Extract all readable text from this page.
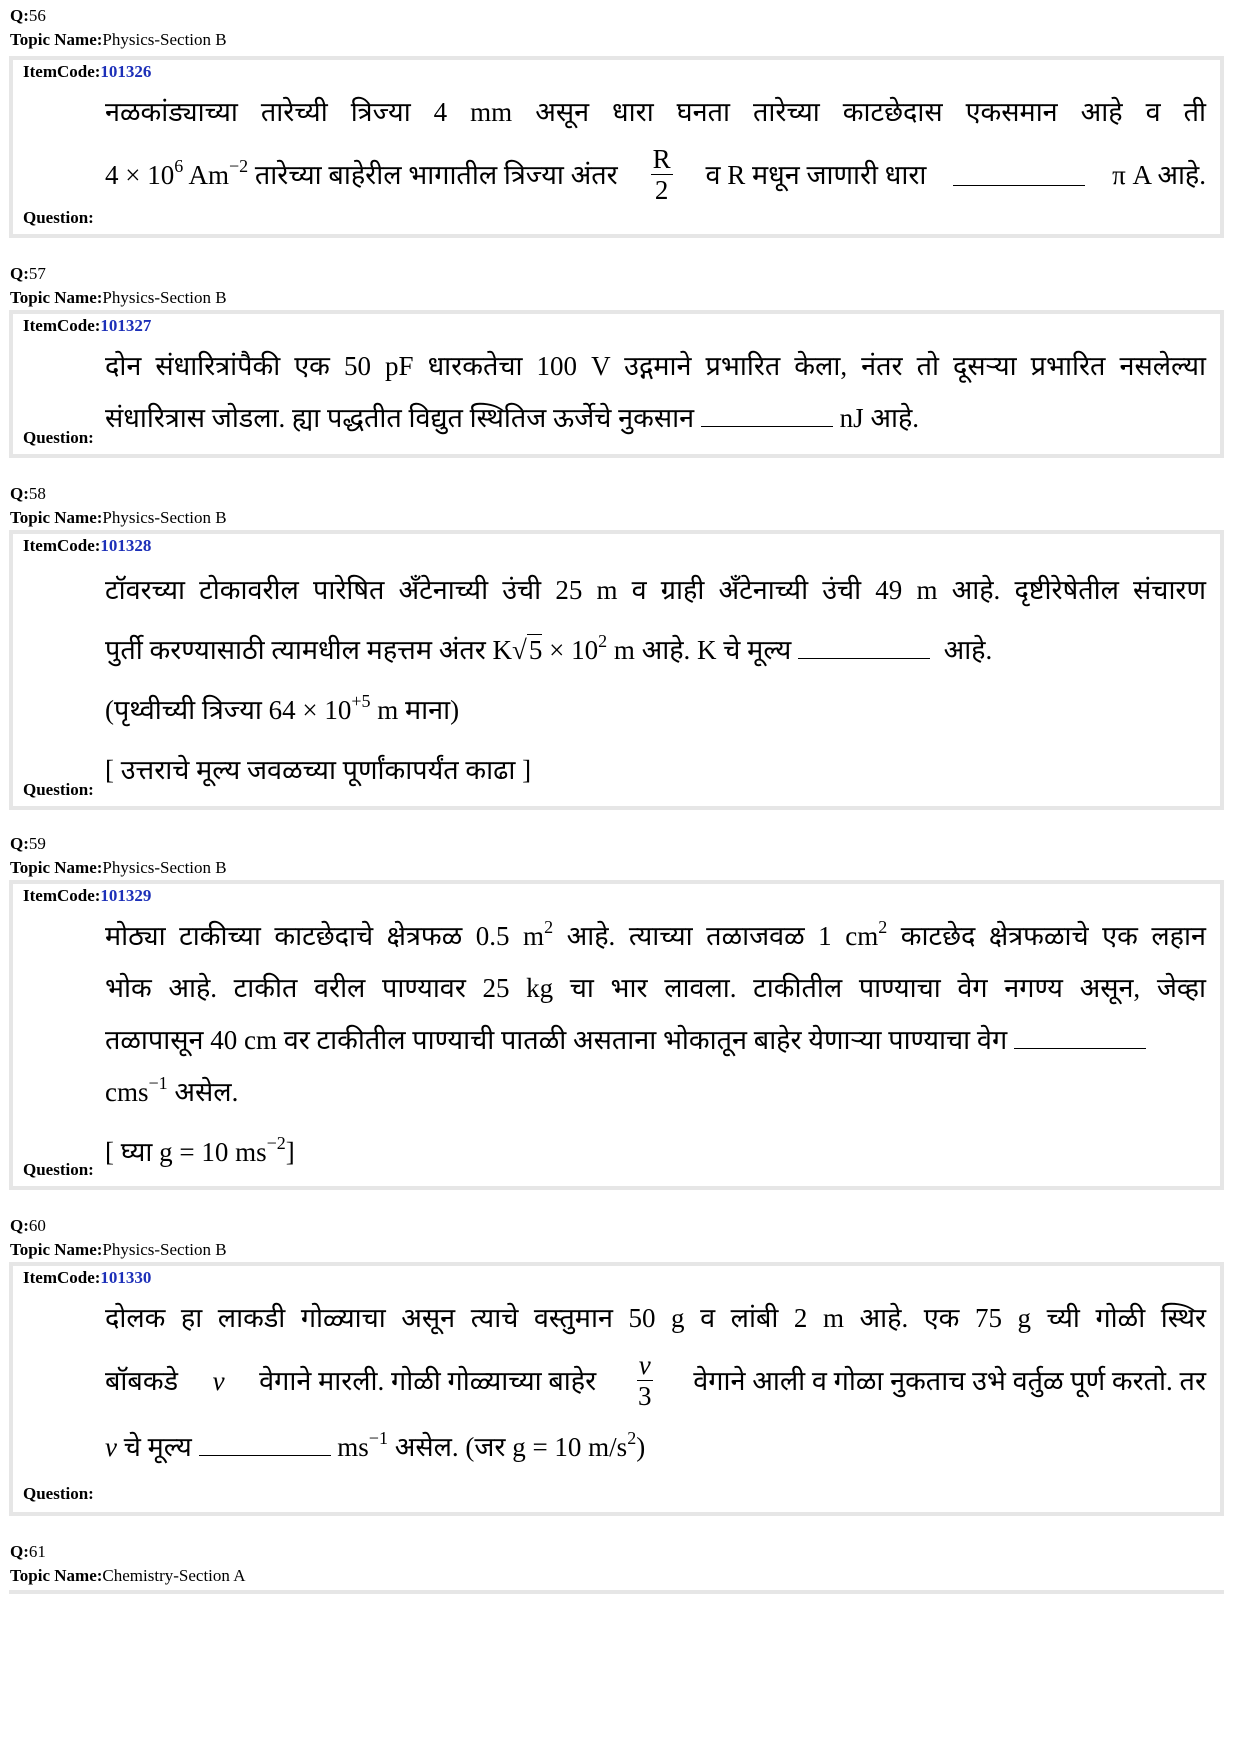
Q:56
Topic Name:Physics-Section B
ItemCode:101326
नळकांड्याच्या तारेच्यी त्रिज्या 4 mm असून धारा घनता तारेच्या काटछेदास एकसमान आहे व ती
$4 \times 10^6$ $Am^{-2}$ तारेच्या बाहेरील भागातील त्रिज्या अंतर $\frac{R}{2}$ व R मधून जाणारी धारा	π A आहे.
Question:
Q:57
Topic Name:Physics-Section B
ItemCode:101327
दोन संधारित्रांपैकी एक 50 pF धारकतेचा 100 V उद्गमाने प्रभारित केला, नंतर तो दूसऱ्या प्रभारित नसलेल्या
संधारित्रास जोडला. ह्या पद्धतीत विद्युत स्थितिज ऊर्जेचे नुकसान	nJ आहे.
Question:
Q:58
Topic Name:Physics-Section B
ItemCode:101328
टॉवरच्या टोकावरील पारेषित अँटेनाच्यी उंची 25 m व ग्राही अँटेनाच्यी उंची 49 m आहे. दृष्टीरेषेतील संचारण
पुर्ती करण्यासाठी त्यामधील महत्तम अंतर $K√5 \times 10^2$ m आहे. K चे मूल्य	आहे.
(पृथ्वीच्यी त्रिज्या $64 \times 10^{+5}$ m माना)
[ उत्तराचे मूल्य जवळच्या पूर्णांकापर्यंत काढा ]
Question:
Q:59
Topic Name:Physics-Section B
ItemCode:101329
मोठ्या टाकीच्या काटछेदाचे क्षेत्रफळ 0.5 $m^2$ आहे. त्याच्या तळाजवळ 1 $cm^2$ काटछेद क्षेत्रफळाचे एक लहान
भोक आहे. टाकीत वरील पाण्यावर 25 kg चा भार लावला. टाकीतील पाण्याचा वेग नगण्य असून, जेव्हा
तळापासून 40 cm वर टाकीतील पाण्याची पातळी असताना भोकातून बाहेर येणाऱ्या पाण्याचा वेग
cms$^{-1}$ असेल.
[ घ्या g = 10 $ms^{-2}$]
Question:
Q:60
Topic Name:Physics-Section B
ItemCode:101330
दोलक हा लाकडी गोळ्याचा असून त्याचे वस्तुमान 50 g व लांबी 2 m आहे. एक 75 g च्यी गोळी स्थिर
बॉबकडे v वेगाने मारली. गोळी गोळ्याच्या बाहेर $\frac{v}{3}$ वेगाने आली व गोळा नुकताच उभे वर्तुळ पूर्ण करतो. तर
v चे मूल्य	$ms^{-1}$ असेल. (जर g = 10 $m/s^2$)
Question:
Q:61
Topic Name:Chemistry-Section A
